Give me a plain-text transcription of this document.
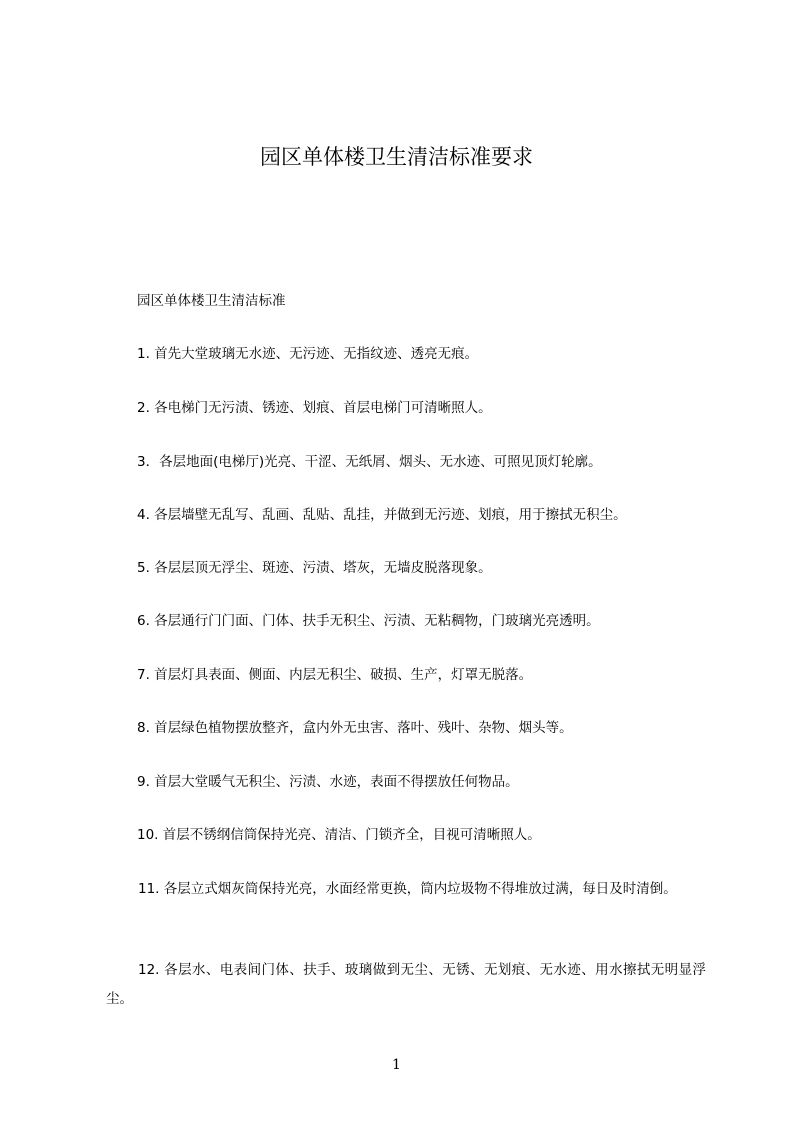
园区单体楼卫生清洁标准要求
园区单体楼卫生清洁标准
1. 首先大堂玻璃无水迹、无污迹、无指纹迹、透亮无痕。
2. 各电梯门无污渍、锈迹、划痕、首层电梯门可清晰照人。
3．各层地面(电梯厅)光亮、干涩、无纸屑、烟头、无水迹、可照见顶灯轮廓。
4. 各层墙壁无乱写、乱画、乱贴、乱挂，并做到无污迹、划痕，用于擦拭无积尘。
5. 各层层顶无浮尘、斑迹、污渍、塔灰，无墙皮脱落现象。
6. 各层通行门门面、门体、扶手无积尘、污渍、无粘稠物，门玻璃光亮透明。
7. 首层灯具表面、侧面、内层无积尘、破损、生产，灯罩无脱落。
8. 首层绿色植物摆放整齐，盒内外无虫害、落叶、残叶、杂物、烟头等。
9. 首层大堂暖气无积尘、污渍、水迹，表面不得摆放任何物品。
10. 首层不锈纲信筒保持光亮、清洁、门锁齐全，目视可清晰照人。
11. 各层立式烟灰筒保持光亮，水面经常更换，筒内垃圾物不得堆放过满，每日及时清倒。
12. 各层水、电表间门体、扶手、玻璃做到无尘、无锈、无划痕、无水迹、用水擦拭无明显浮尘。
1
